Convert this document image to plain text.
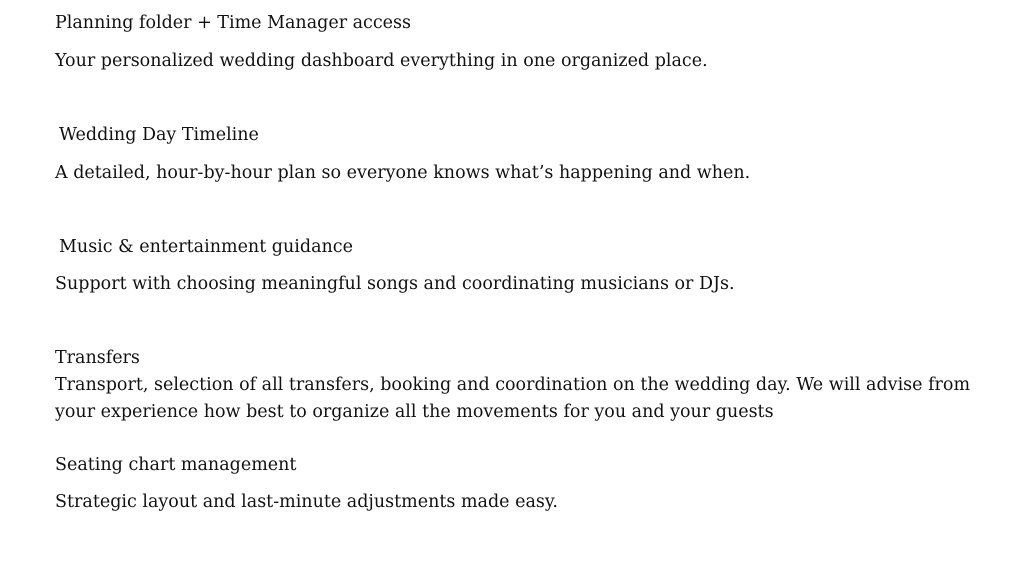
Planning folder + Time Manager access
Your personalized wedding dashboard everything in one organized place.
Wedding Day Timeline
A detailed, hour-by-hour plan so everyone knows what’s happening and when.
Music & entertainment guidance
Support with choosing meaningful songs and coordinating musicians or DJs.
Transfers
Transport, selection of all transfers, booking and coordination on the wedding day. We will advise from your experience how best to organize all the movements for you and your guests
Seating chart management
Strategic layout and last-minute adjustments made easy.
